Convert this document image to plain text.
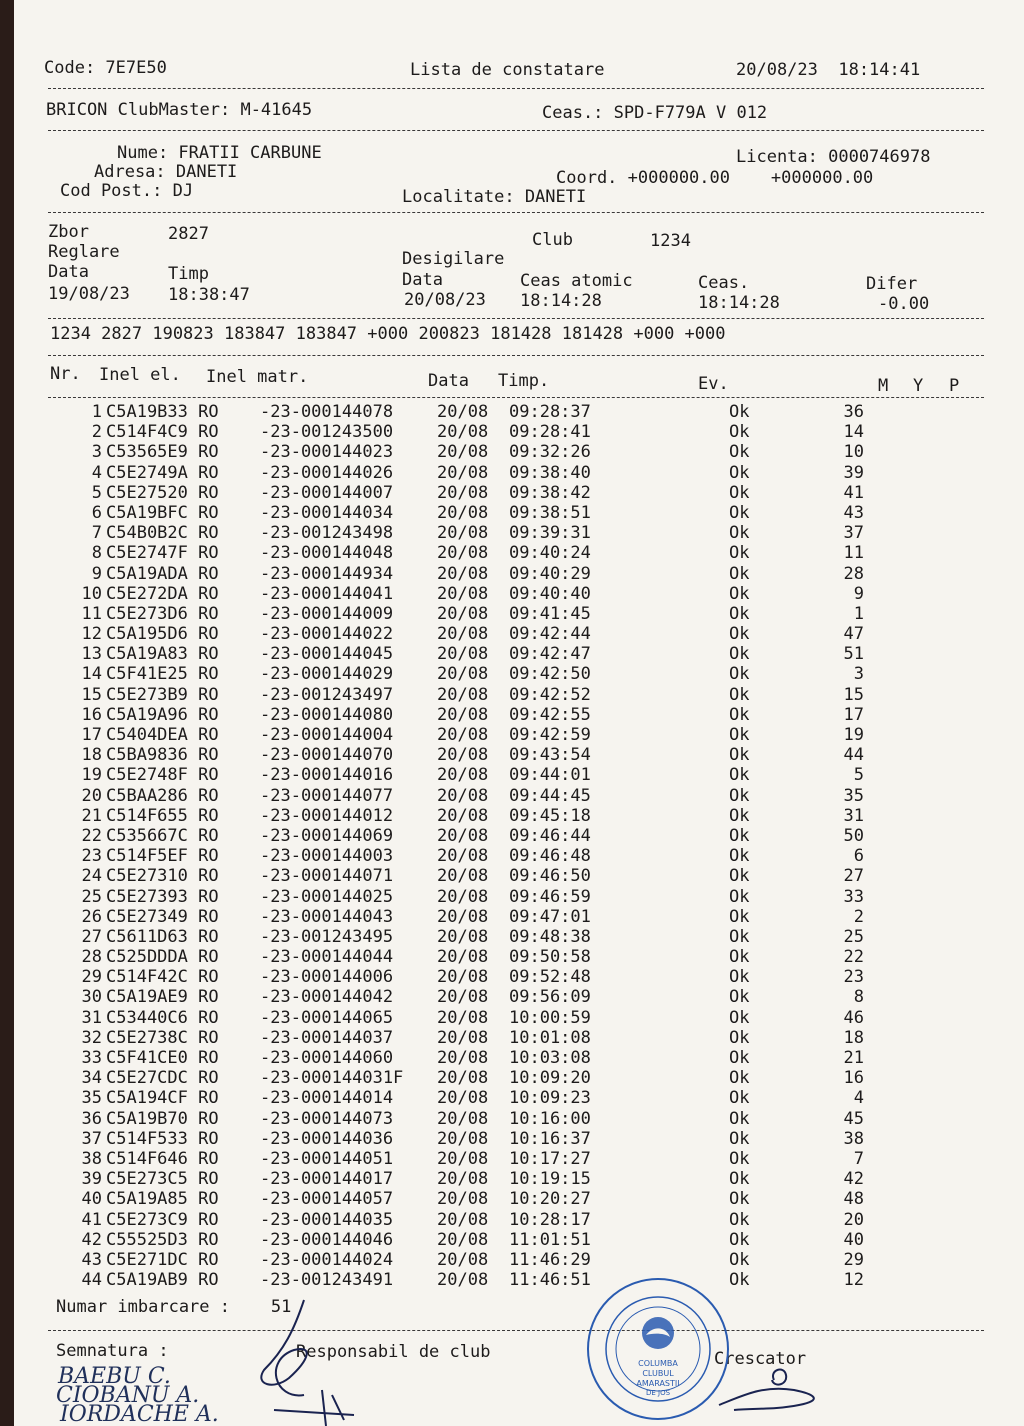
Code: 7E7E50	Lista de constatare	20/08/23  18:14:41
BRICON ClubMaster: M-41645	Ceas.: SPD-F779A V 012
Nume: FRATII CARBUNE
Adresa: DANETI
Cod Post.: DJ
Licenta: 0000746978
Coord. +000000.00    +000000.00
Localitate: DANETI
Zbor	2827	Club	1234
Reglare	Desigilare
Data	Timp	Data	Ceas atomic	Ceas.	Difer
19/08/23 18:38:47	20/08/23 18:14:28	18:14:28	-0.00
1234 2827 190823 183847 183847 +000 200823 181428 181428 +000 +000
Nr. Inel el. Inel matr.	Data Timp.	Ev.	M Y P
1 C5A19B33 RO -23-000144078	20/08 09:28:37	Ok	36
2 C514F4C9 RO -23-001243500	20/08 09:28:41	Ok	14
3 C53565E9 RO -23-000144023	20/08 09:32:26	Ok	10
4 C5E2749A RO -23-000144026	20/08 09:38:40	Ok	39
5 C5E27520 RO -23-000144007	20/08 09:38:42	Ok	41
6 C5A19BFC RO -23-000144034	20/08 09:38:51	Ok	43
7 C54B0B2C RO -23-001243498	20/08 09:39:31	Ok	37
8 C5E2747F RO -23-000144048	20/08 09:40:24	Ok	11
9 C5A19ADA RO -23-000144934	20/08 09:40:29	Ok	28
10 C5E272DA RO -23-000144041	20/08 09:40:40	Ok	9
11 C5E273D6 RO -23-000144009	20/08 09:41:45	Ok	1
12 C5A195D6 RO -23-000144022	20/08 09:42:44	Ok	47
13 C5A19A83 RO -23-000144045	20/08 09:42:47	Ok	51
14 C5F41E25 RO -23-000144029	20/08 09:42:50	Ok	3
15 C5E273B9 RO -23-001243497	20/08 09:42:52	Ok	15
16 C5A19A96 RO -23-000144080	20/08 09:42:55	Ok	17
17 C5404DEA RO -23-000144004	20/08 09:42:59	Ok	19
18 C5BA9836 RO -23-000144070	20/08 09:43:54	Ok	44
19 C5E2748F RO -23-000144016	20/08 09:44:01	Ok	5
20 C5BAA286 RO -23-000144077	20/08 09:44:45	Ok	35
21 C514F655 RO -23-000144012	20/08 09:45:18	Ok	31
22 C535667C RO -23-000144069	20/08 09:46:44	Ok	50
23 C514F5EF RO -23-000144003	20/08 09:46:48	Ok	6
24 C5E27310 RO -23-000144071	20/08 09:46:50	Ok	27
25 C5E27393 RO -23-000144025	20/08 09:46:59	Ok	33
26 C5E27349 RO -23-000144043	20/08 09:47:01	Ok	2
27 C5611D63 RO -23-001243495	20/08 09:48:38	Ok	25
28 C525DDDA RO -23-000144044	20/08 09:50:58	Ok	22
29 C514F42C RO -23-000144006	20/08 09:52:48	Ok	23
30 C5A19AE9 RO -23-000144042	20/08 09:56:09	Ok	8
31 C53440C6 RO -23-000144065	20/08 10:00:59	Ok	46
32 C5E2738C RO -23-000144037	20/08 10:01:08	Ok	18
33 C5F41CE0 RO -23-000144060	20/08 10:03:08	Ok	21
34 C5E27CDC RO -23-000144031F 20/08 10:09:20	Ok	16
35 C5A194CF RO -23-000144014	20/08 10:09:23	Ok	4
36 C5A19B70 RO -23-000144073	20/08 10:16:00	Ok	45
37 C514F533 RO -23-000144036	20/08 10:16:37	Ok	38
38 C514F646 RO -23-000144051	20/08 10:17:27	Ok	7
39 C5E273C5 RO -23-000144017	20/08 10:19:15	Ok	42
40 C5A19A85 RO -23-000144057	20/08 10:20:27	Ok	48
41 C5E273C9 RO -23-000144035	20/08 10:28:17	Ok	20
42 C55525D3 RO -23-000144046	20/08 11:01:51	Ok	40
43 C5E271DC RO -23-000144024	20/08 11:46:29	Ok	29
44 C5A19AB9 RO -23-001243491	20/08 11:46:51	Ok	12
Numar imbarcare :    51
Semnatura :	Responsabil de club	Crescator
BAEBU C.
CIOBANU A.
IORDACHE A.
COLUMBA
CLUBUL
AMARASTII
DE JOS
